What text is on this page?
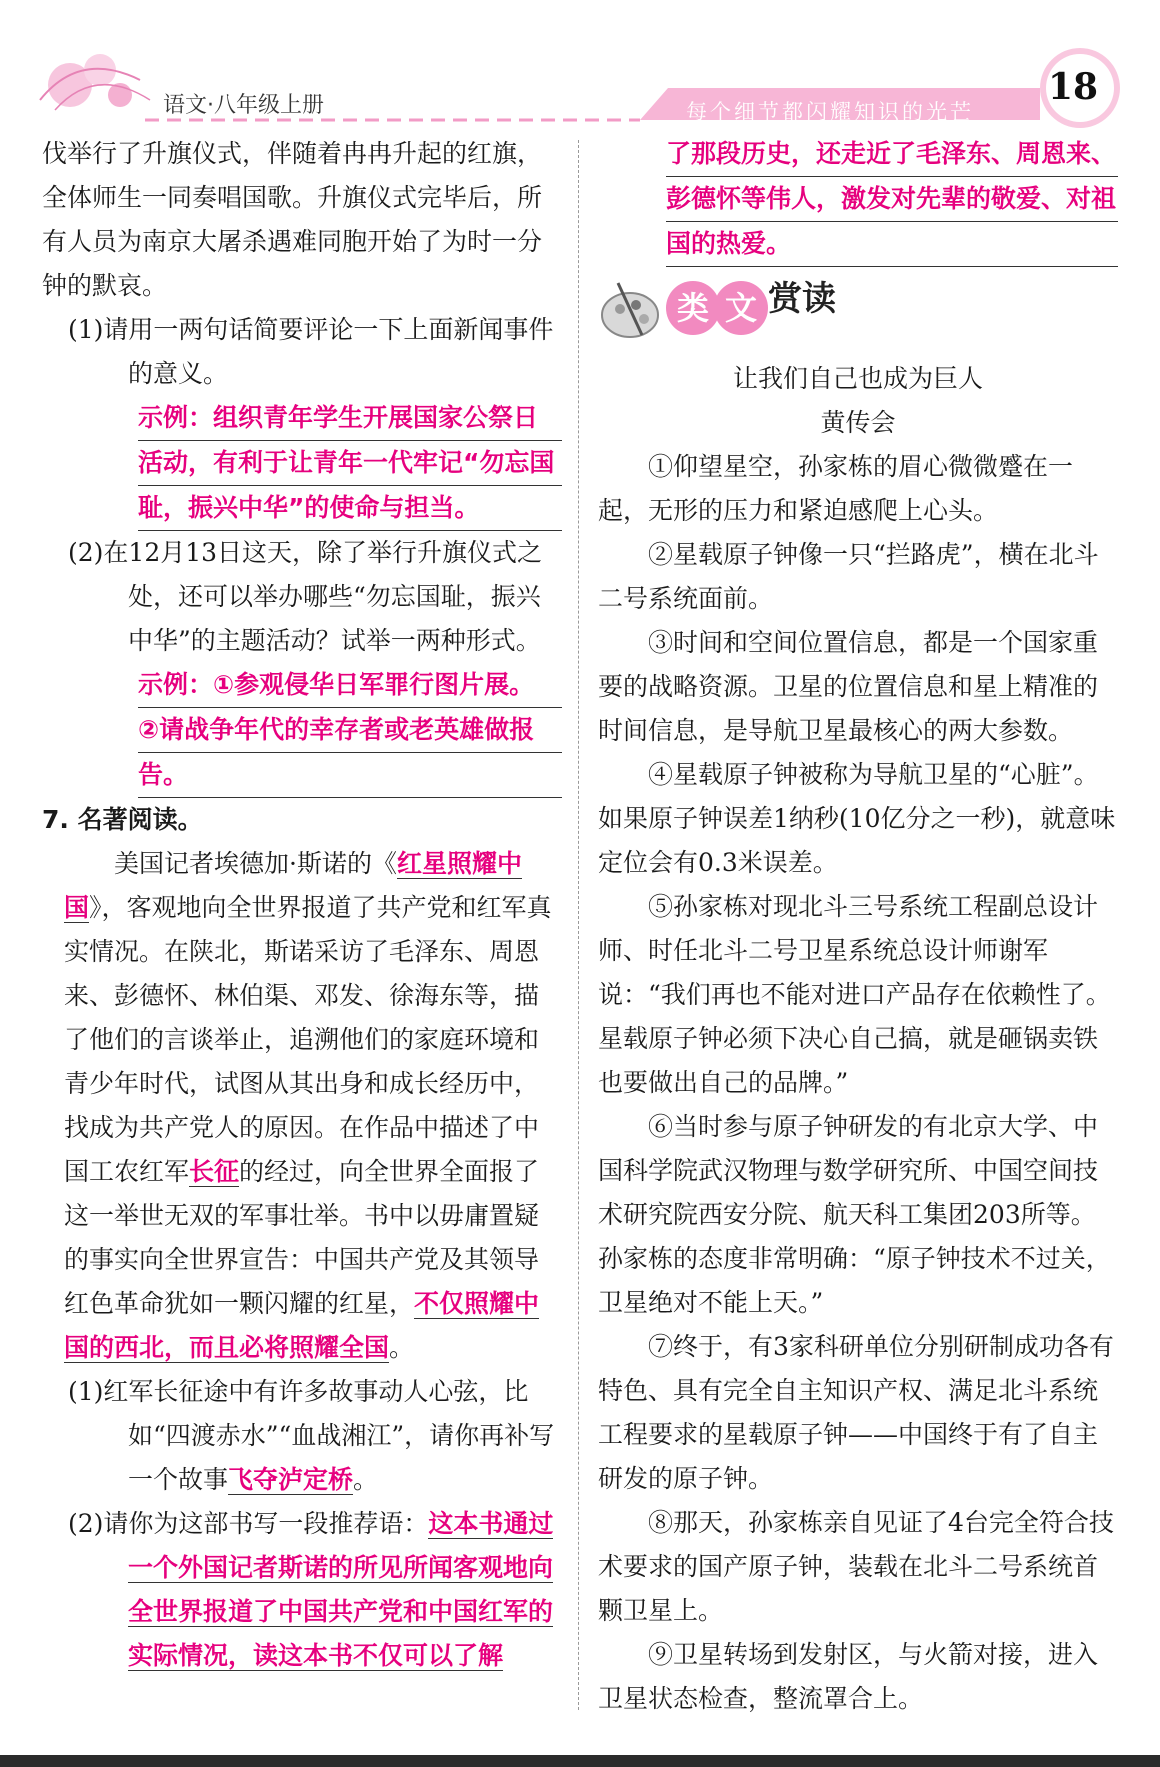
语文·八年级上册	每个细节都闪耀知识的光芒
18

伐举行了升旗仪式，伴随着冉冉升起的红旗，全体师生一同奏唱国歌。升旗仪式完毕后，所有人员为南京大屠杀遇难同胞开始了为时一分钟的默哀。

(1)请用一两句话简要评论一下上面新闻事件的意义。

示例：组织青年学生开展国家公祭日
活动，有利于让青年一代牢记“勿忘国
耻，振兴中华”的使命与担当。

(2)在12月13日这天，除了举行升旗仪式之处，还可以举办哪些“勿忘国耻，振兴中华”的主题活动？试举一两种形式。

示例：①参观侵华日军罪行图片展。
②请战争年代的幸存者或老英雄做报
告。

7. 名著阅读。

美国记者埃德加·斯诺的《红星照耀中国》，客观地向全世界报道了共产党和红军真实情况。在陕北，斯诺采访了毛泽东、周恩来、彭德怀、林伯渠、邓发、徐海东等，描了他们的言谈举止，追溯他们的家庭环境和青少年时代，试图从其出身和成长经历中，找成为共产党人的原因。在作品中描述了中国工农红军长征的经过，向全世界全面报了这一举世无双的军事壮举。书中以毋庸置疑的事实向全世界宣告：中国共产党及其领导红色革命犹如一颗闪耀的红星，不仅照耀中国的西北，而且必将照耀全国。

(1)红军长征途中有许多故事动人心弦，比如“四渡赤水”“血战湘江”，请你再补写一个故事飞夺泸定桥。

(2)请你为这部书写一段推荐语：这本书通过一个外国记者斯诺的所见所闻客观地向全世界报道了中国共产党和中国红军的实际情况，读这本书不仅可以了解

了那段历史，还走近了毛泽东、周恩来、
彭德怀等伟人，激发对先辈的敬爱、对祖
国的热爱。
类 文 赏读

让我们自己也成为巨人

黄传会

①仰望星空，孙家栋的眉心微微蹙在一起，无形的压力和紧迫感爬上心头。

②星载原子钟像一只“拦路虎”，横在北斗二号系统面前。

③时间和空间位置信息，都是一个国家重要的战略资源。卫星的位置信息和星上精准的时间信息，是导航卫星最核心的两大参数。

④星载原子钟被称为导航卫星的“心脏”。如果原子钟误差1纳秒(10亿分之一秒)，就意味定位会有0.3米误差。

⑤孙家栋对现北斗三号系统工程副总设计师、时任北斗二号卫星系统总设计师谢军说：“我们再也不能对进口产品存在依赖性了。星载原子钟必须下决心自己搞，就是砸锅卖铁也要做出自己的品牌。”

⑥当时参与原子钟研发的有北京大学、中国科学院武汉物理与数学研究所、中国空间技术研究院西安分院、航天科工集团203所等。孙家栋的态度非常明确：“原子钟技术不过关，卫星绝对不能上天。”

⑦终于，有3家科研单位分别研制成功各有特色、具有完全自主知识产权、满足北斗系统工程要求的星载原子钟——中国终于有了自主研发的原子钟。

⑧那天，孙家栋亲自见证了4台完全符合技术要求的国产原子钟，装载在北斗二号系统首颗卫星上。

⑨卫星转场到发射区，与火箭对接，进入卫星状态检查，整流罩合上。
